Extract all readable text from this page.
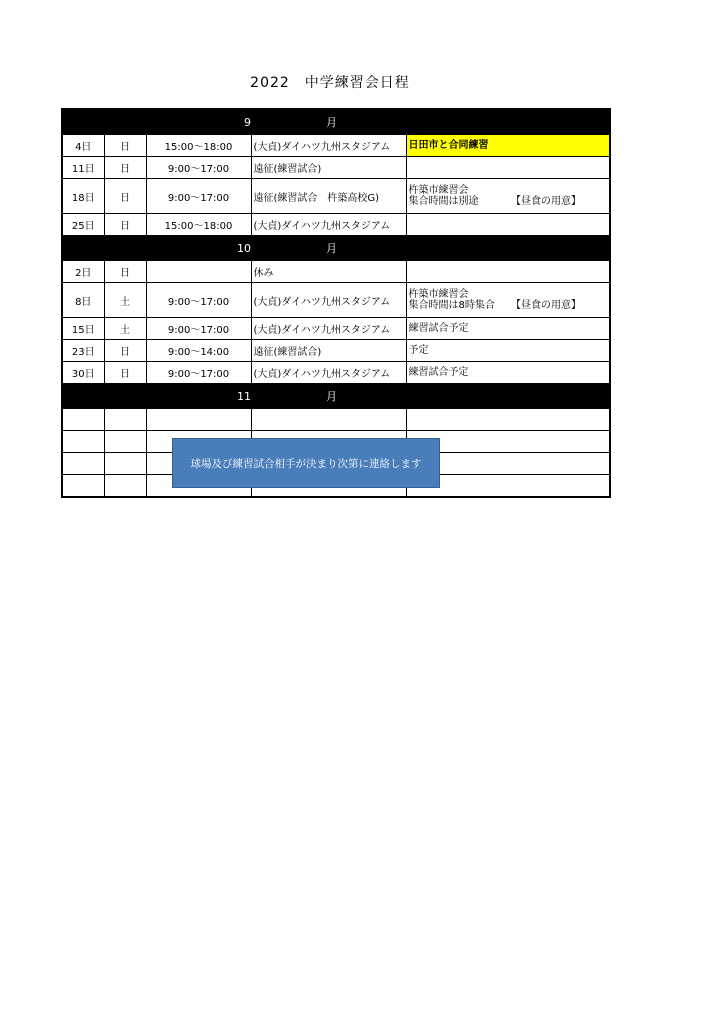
2022　中学練習会日程
9 月				
4日	日	15:00～18:00	(大貞)ダイハツ九州スタジアム	日田市と合同練習
11日	日	9:00～17:00	遠征(練習試合)	
18日	日	9:00～17:00	遠征(練習試合　杵築高校G)	杵築市練習会
集合時間は別途 【昼食の用意】

25日	日	15:00～18:00	(大貞)ダイハツ九州スタジアム	
10 月				
2日	日		休み	
8日	土	9:00～17:00	(大貞)ダイハツ九州スタジアム	杵築市練習会
集合時間は8時集合 【昼食の用意】

15日	土	9:00～17:00	(大貞)ダイハツ九州スタジアム	練習試合予定
23日	日	9:00～14:00	遠征(練習試合)	予定
30日	日	9:00～17:00	(大貞)ダイハツ九州スタジアム	練習試合予定
11 月				

球場及び練習試合相手が決まり次第に連絡します
